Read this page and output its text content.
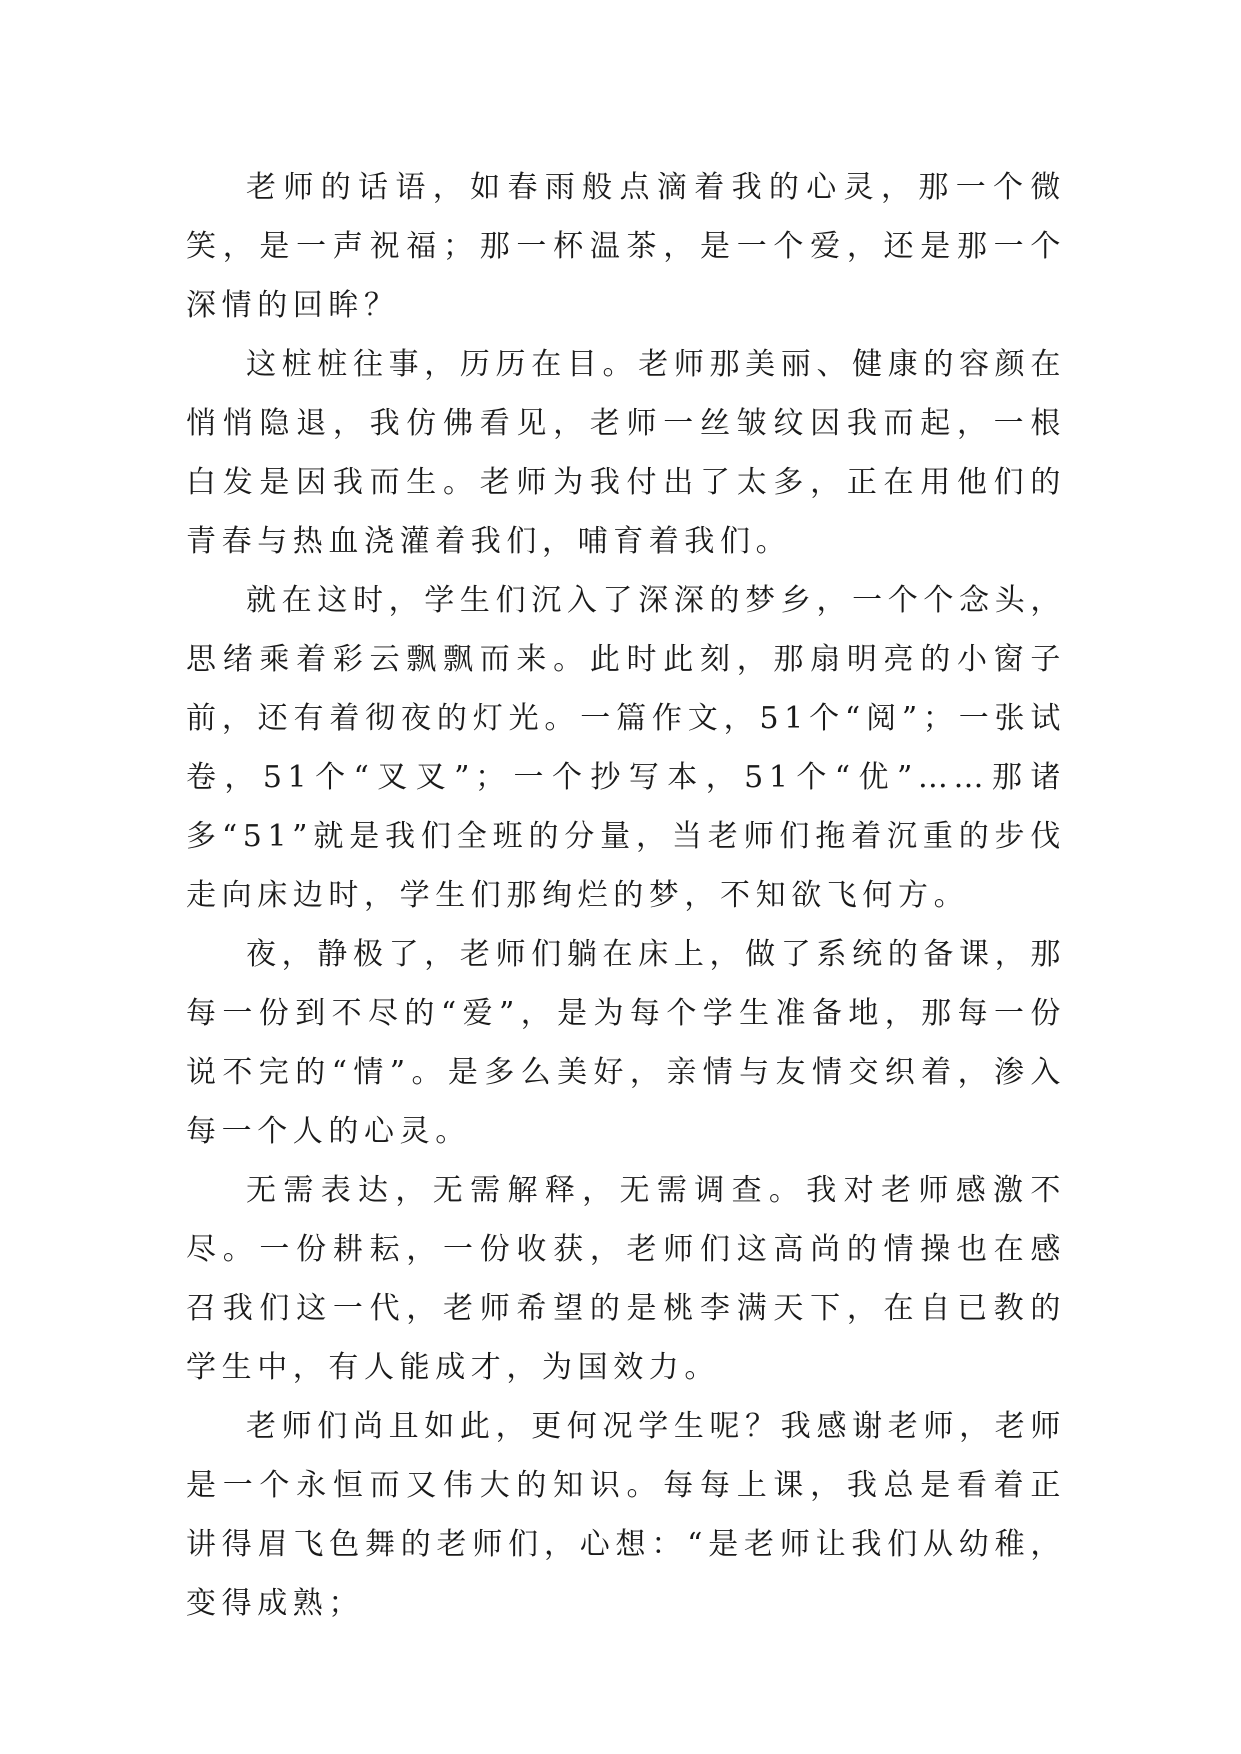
老师的话语，如春雨般点滴着我的心灵，那一个微笑，是一声祝福；那一杯温茶，是一个爱，还是那一个深情的回眸？

这桩桩往事，历历在目。老师那美丽、健康的容颜在悄悄隐退，我仿佛看见，老师一丝皱纹因我而起，一根白发是因我而生。老师为我付出了太多，正在用他们的青春与热血浇灌着我们，哺育着我们。

就在这时，学生们沉入了深深的梦乡，一个个念头，思绪乘着彩云飘飘而来。此时此刻，那扇明亮的小窗子前，还有着彻夜的灯光。一篇作文，51个“阅”；一张试卷，51个“叉叉”；一个抄写本，51个“优”……那诸多“51”就是我们全班的分量，当老师们拖着沉重的步伐走向床边时，学生们那绚烂的梦，不知欲飞何方。

夜，静极了，老师们躺在床上，做了系统的备课，那每一份到不尽的“爱”，是为每个学生准备地，那每一份说不完的“情”。是多么美好，亲情与友情交织着，渗入每一个人的心灵。

无需表达，无需解释，无需调查。我对老师感激不尽。一份耕耘，一份收获，老师们这高尚的情操也在感召我们这一代，老师希望的是桃李满天下，在自已教的学生中，有人能成才，为国效力。

老师们尚且如此，更何况学生呢？我感谢老师，老师是一个永恒而又伟大的知识。每每上课，我总是看着正讲得眉飞色舞的老师们，心想：“是老师让我们从幼稚，变得成熟；
